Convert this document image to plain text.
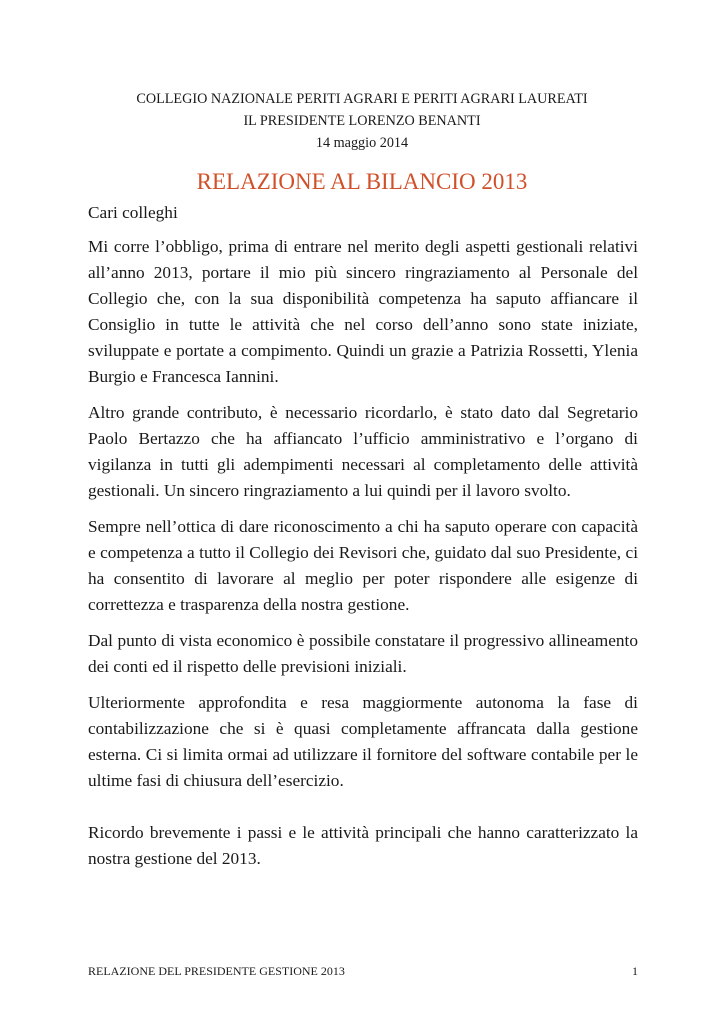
COLLEGIO NAZIONALE PERITI AGRARI E PERITI AGRARI LAUREATI
IL PRESIDENTE LORENZO BENANTI
14 maggio 2014
RELAZIONE AL BILANCIO 2013

Cari colleghi

Mi corre l’obbligo, prima di entrare nel merito degli aspetti gestionali relativi all’anno 2013, portare il mio più sincero ringraziamento al Personale del Collegio che, con la sua disponibilità competenza ha saputo affiancare il Consiglio in tutte le attività che nel corso dell’anno sono state iniziate, sviluppate e portate a compimento. Quindi un grazie a Patrizia Rossetti, Ylenia Burgio e Francesca Iannini.

Altro grande contributo, è necessario ricordarlo, è stato dato dal Segretario Paolo Bertazzo che ha affiancato l’ufficio amministrativo e l’organo di vigilanza in tutti gli adempimenti necessari al completamento delle attività gestionali. Un sincero ringraziamento a lui quindi per il lavoro svolto.

Sempre nell’ottica di dare riconoscimento a chi ha saputo operare con capacità e competenza a tutto il Collegio dei Revisori che, guidato dal suo Presidente, ci ha consentito di lavorare al meglio per poter rispondere alle esigenze di correttezza e trasparenza della nostra gestione.

Dal punto di vista economico è possibile constatare il progressivo allineamento dei conti ed il rispetto delle previsioni iniziali.

Ulteriormente approfondita e resa maggiormente autonoma la fase di contabilizzazione che si è quasi completamente affrancata dalla gestione esterna. Ci si limita ormai ad utilizzare il fornitore del software contabile per le ultime fasi di chiusura dell’esercizio.

Ricordo brevemente i passi e le attività principali che hanno caratterizzato la nostra gestione del 2013.

RELAZIONE DEL PRESIDENTE GESTIONE 2013	1
